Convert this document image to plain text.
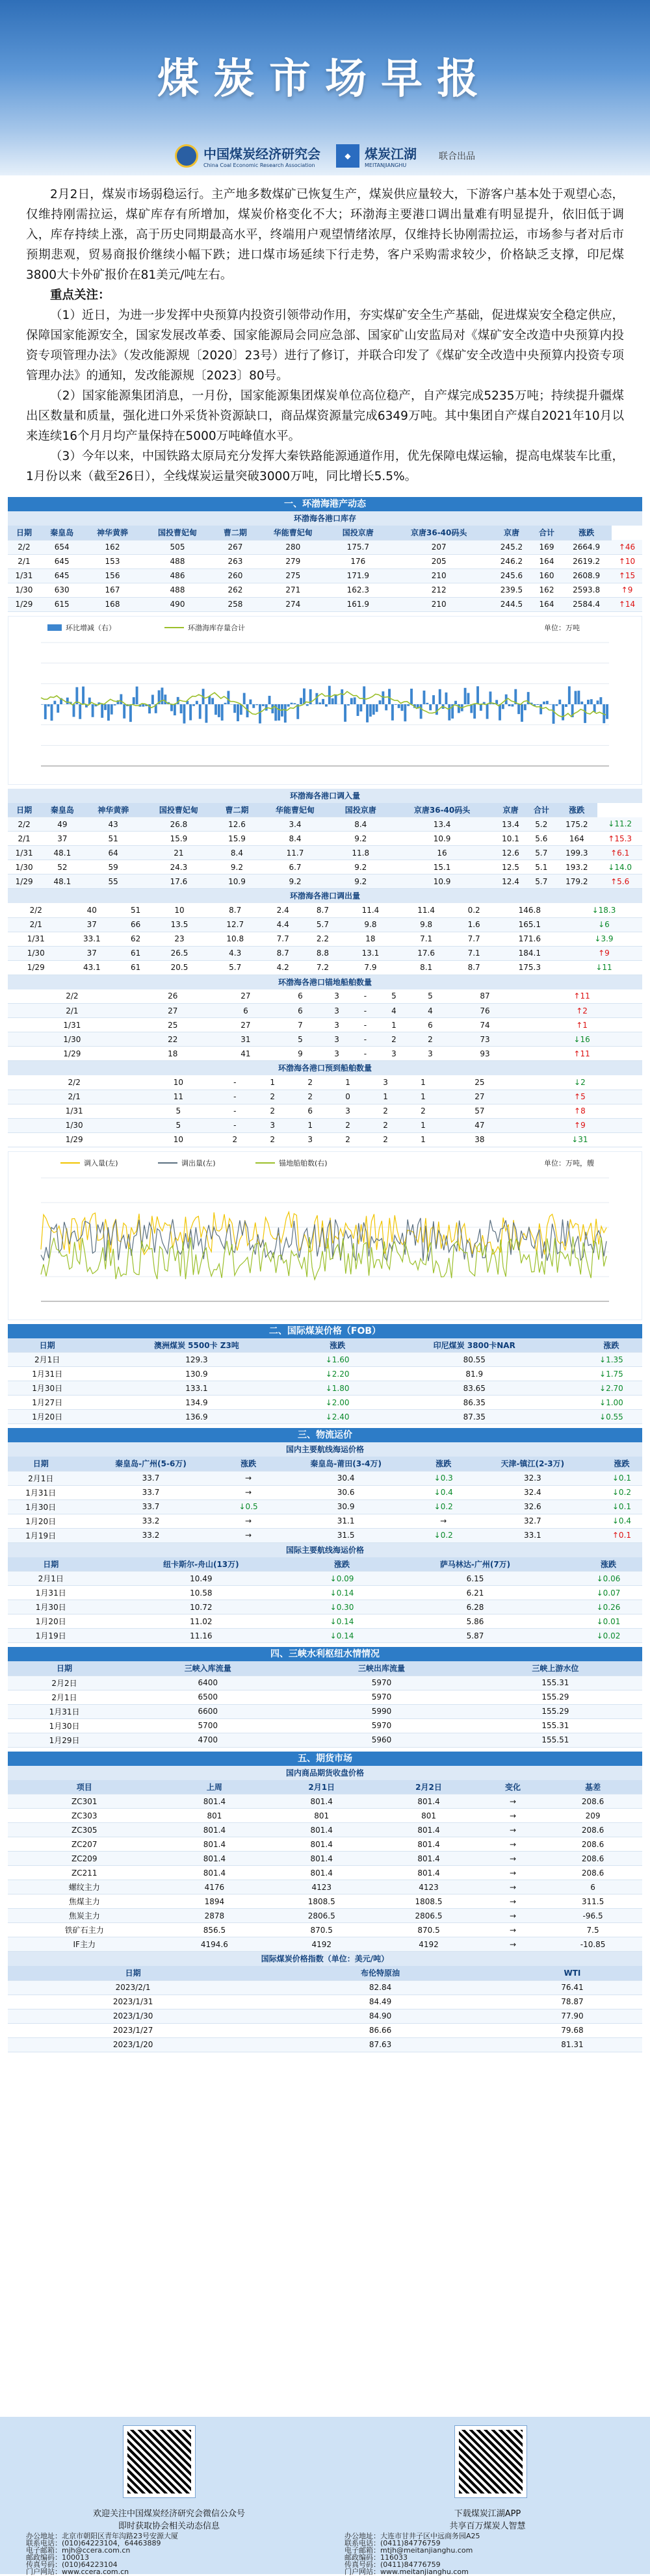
煤炭市场早报
中国煤炭经济研究会
China Coal Economic Research Association
◆	煤炭江湖
MEITANJIANGHU
联合出品

2月2日，煤炭市场弱稳运行。主产地多数煤矿已恢复生产，煤炭供应量较大，下游客户基本处于观望心态，仅维持刚需拉运，煤矿库存有所增加，煤炭价格变化不大；环渤海主要港口调出量难有明显提升，依旧低于调入，库存持续上涨，高于历史同期最高水平，终端用户观望情绪浓厚，仅维持长协刚需拉运，市场参与者对后市预期悲观，贸易商报价继续小幅下跌；进口煤市场延续下行走势，客户采购需求较少，价格缺乏支撑，印尼煤3800大卡外矿报价在81美元/吨左右。

重点关注：

（1）近日，为进一步发挥中央预算内投资引领带动作用，夯实煤矿安全生产基础，促进煤炭安全稳定供应，保障国家能源安全，国家发展改革委、国家能源局会同应急部、国家矿山安监局对《煤矿安全改造中央预算内投资专项管理办法》（发改能源规〔2020〕23号）进行了修订，并联合印发了《煤矿安全改造中央预算内投资专项管理办法》的通知，发改能源规〔2023〕80号。

（2）国家能源集团消息，一月份，国家能源集团煤炭单位高位稳产，自产煤完成5235万吨；持续提升疆煤出区数量和质量，强化进口外采货补资源缺口，商品煤资源量完成6349万吨。其中集团自产煤自2021年10月以来连续16个月月均产量保持在5000万吨峰值水平。

（3）今年以来，中国铁路太原局充分发挥大秦铁路能源通道作用，优先保障电煤运输，提高电煤装车比重，1月份以来（截至26日），全线煤炭运量突破3000万吨，同比增长5.5%。

一、环渤海港产动态
环渤海各港口库存
日期	秦皇岛	神华黄骅	国投曹妃甸	曹二期	华能曹妃甸	国投京唐	京唐36-40码头	京唐	合计	涨跌	
2/2	654	162	505	267	280	175.7	207	245.2	169	2664.9	↑46
2/1	645	153	488	263	279	176	205	246.2	164	2619.2	↑10
1/31	645	156	486	260	275	171.9	210	245.6	160	2608.9	↑15
1/30	630	167	488	262	271	162.3	212	239.5	162	2593.8	↑9
1/29	615	168	490	258	274	161.9	210	244.5	164	2584.4	↑14
环比增减（右）	环渤海库存量合计	单位：万吨
环渤海各港口调入量
日期	秦皇岛	神华黄骅	国投曹妃甸	曹二期	华能曹妃甸	国投京唐	京唐36-40码头	京唐	合计	涨跌	
2/2	49	43	26.8	12.6	3.4	8.4	13.4	13.4	5.2	175.2	↓11.2
2/1	37	51	15.9	15.9	8.4	9.2	10.9	10.1	5.6	164	↑15.3
1/31	48.1	64	21	8.4	11.7	11.8	16	12.6	5.7	199.3	↑6.1
1/30	52	59	24.3	9.2	6.7	9.2	15.1	12.5	5.1	193.2	↓14.0
1/29	48.1	55	17.6	10.9	9.2	9.2	10.9	12.4	5.7	179.2	↑5.6
环渤海各港口调出量
2/2	40	51	10	8.7	2.4	8.7	11.4	11.4	0.2	146.8	↓18.3
2/1	37	66	13.5	12.7	4.4	5.7	9.8	9.8	1.6	165.1	↓6
1/31	33.1	62	23	10.8	7.7	2.2	18	7.1	7.7	171.6	↓3.9
1/30	37	61	26.5	4.3	8.7	8.8	13.1	17.6	7.1	184.1	↑9
1/29	43.1	61	20.5	5.7	4.2	7.2	7.9	8.1	8.7	175.3	↓11
环渤海各港口锚地船舶数量
2/2	26	27	6	3	-	5	5	87	↑11
2/1	27	6	6	3	-	4	4	76	↑2
1/31	25	27	7	3	-	1	6	74	↑1
1/30	22	31	5	3	-	2	2	73	↓16
1/29	18	41	9	3	-	3	3	93	↑11
环渤海各港口预到船舶数量
2/2	10	-	1	2	1	3	1	25	↓2
2/1	11	-	2	2	0	1	1	27	↑5
1/31	5	-	2	6	3	2	2	57	↑8
1/30	5	-	3	1	2	2	1	47	↑9
1/29	10	2	2	3	2	2	1	38	↓31
调入量(左)	调出量(左)	锚地船舶数(右)	单位：万吨，艘
二、国际煤炭价格（FOB）
日期	澳洲煤炭 5500卡 Z3吨	涨跌	印尼煤炭 3800卡NAR	涨跌
2月1日	129.3	↓1.60	80.55	↓1.35
1月31日	130.9	↓2.20	81.9	↓1.75
1月30日	133.1	↓1.80	83.65	↓2.70
1月27日	134.9	↓2.00	86.35	↓1.00
1月20日	136.9	↓2.40	87.35	↓0.55
三、物流运价
国内主要航线海运价格
日期	秦皇岛-广州(5-6万)	涨跌	秦皇岛-莆田(3-4万)	涨跌	天津-镇江(2-3万)	涨跌
2月1日	33.7	→	30.4	↓0.3	32.3	↓0.1
1月31日	33.7	→	30.6	↓0.4	32.4	↓0.2
1月30日	33.7	↓0.5	30.9	↓0.2	32.6	↓0.1
1月20日	33.2	→	31.1	→	32.7	↓0.4
1月19日	33.2	→	31.5	↓0.2	33.1	↑0.1
国际主要航线海运价格
日期	纽卡斯尔-舟山(13万)	涨跌	萨马林达-广州(7万)	涨跌
2月1日	10.49	↓0.09	6.15	↓0.06
1月31日	10.58	↓0.14	6.21	↓0.07
1月30日	10.72	↓0.30	6.28	↓0.26
1月20日	11.02	↓0.14	5.86	↓0.01
1月19日	11.16	↓0.14	5.87	↓0.02
四、三峡水利枢纽水情情况
日期	三峡入库流量	三峡出库流量	三峡上游水位
2月2日	6400	5970	155.31
2月1日	6500	5970	155.29
1月31日	6600	5990	155.29
1月30日	5700	5970	155.31
1月29日	4700	5960	155.51
五、期货市场
国内商品期货收盘价格
项目	上周	2月1日	2月2日	变化	基差
ZC301	801.4	801.4	801.4	→	208.6
ZC303	801	801	801	→	209
ZC305	801.4	801.4	801.4	→	208.6
ZC207	801.4	801.4	801.4	→	208.6
ZC209	801.4	801.4	801.4	→	208.6
ZC211	801.4	801.4	801.4	→	208.6
螺纹主力	4176	4123	4123	→	6
焦煤主力	1894	1808.5	1808.5	→	311.5
焦炭主力	2878	2806.5	2806.5	→	-96.5
铁矿石主力	856.5	870.5	870.5	→	7.5
IF主力	4194.6	4192	4192	→	-10.85
国际煤炭价格指数（单位：美元/吨）
日期	布伦特原油	WTI
2023/2/1	82.84	76.41
2023/1/31	84.49	78.87
2023/1/30	84.90	77.90
2023/1/27	86.66	79.68
2023/1/20	87.63	81.31
欢迎关注中国煤炭经济研究会微信公众号
即时获取协会相关动态信息
下载煤炭江湖APP
共享百万煤炭人智慧
办公地址：北京市朝阳区青年沟路23号安源大厦
联系电话：(010)64223104，64463889
电子邮箱：mjh@ccera.com.cn
邮政编码：100013
传真号码：(010)64223104
门户网站：www.ccera.com.cn
办公地址：大连市甘井子区中远商务园A25
联系电话：(0411)84776759
电子邮箱：mtjh@meitanjianghu.com
邮政编码：116033
传真号码：(0411)84776759
门户网站：www.meitanjianghu.com
